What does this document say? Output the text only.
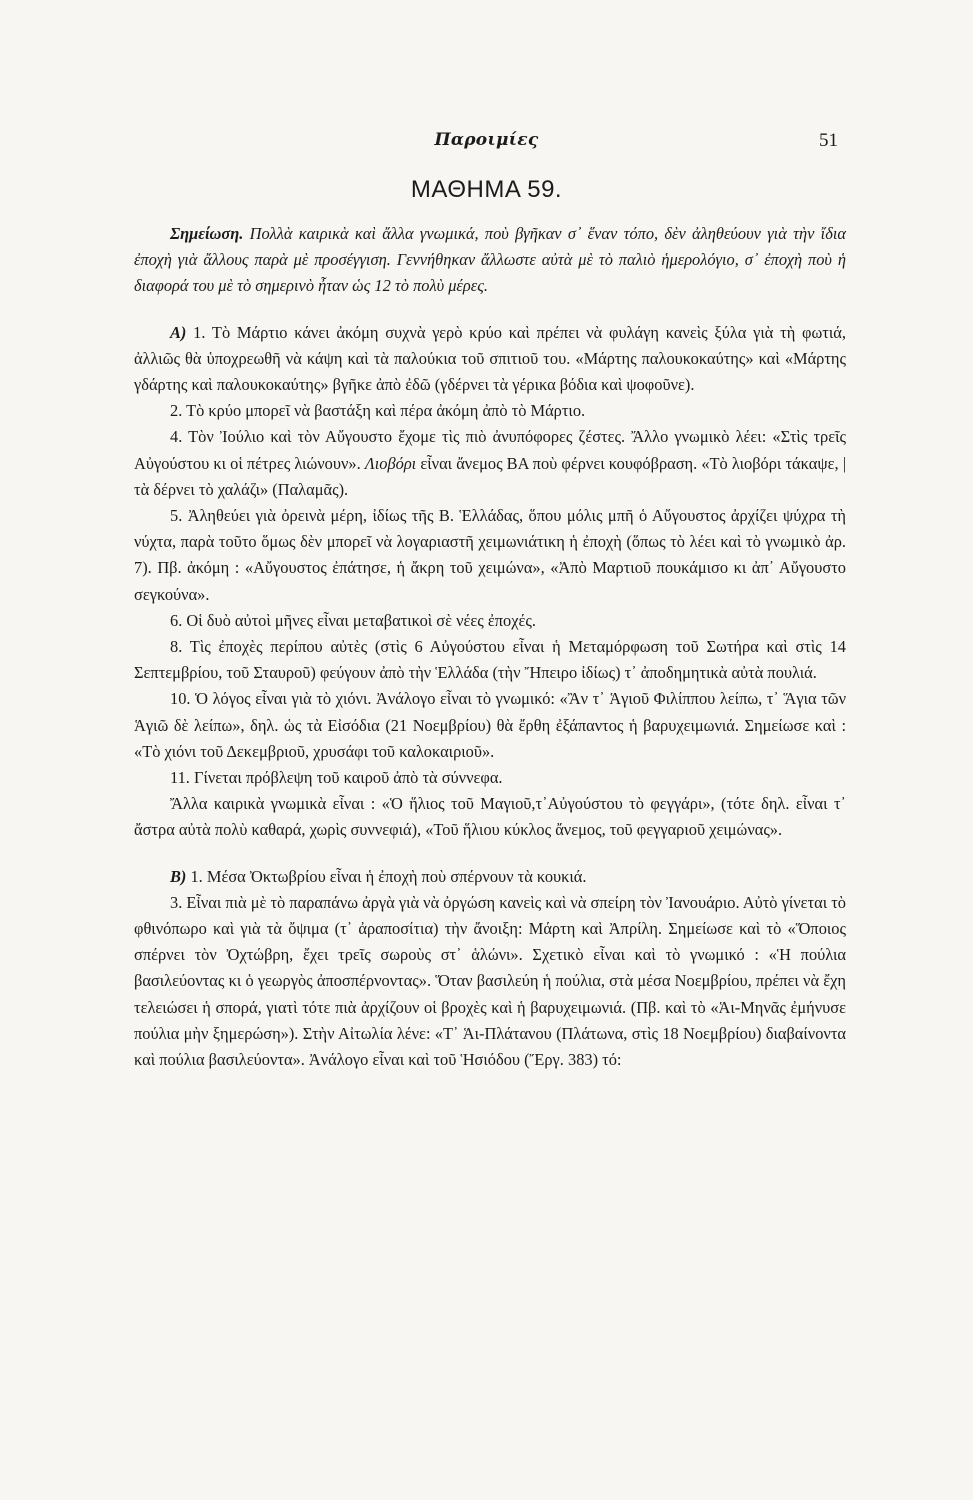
Παροιμίες	51
ΜΑΘΗΜΑ 59.

Σημείωση. Πολλὰ καιρικὰ καὶ ἄλλα γνωμικά, ποὺ βγῆκαν σ᾽ ἕναν τόπο, δὲν ἀληθεύουν γιὰ τὴν ἴδια ἐποχὴ γιὰ ἄλλους παρὰ μὲ προσέγγιση. Γεννήθηκαν ἄλλωστε αὐτὰ μὲ τὸ παλιὸ ἡμερολόγιο, σ᾽ ἐποχὴ ποὺ ἡ διαφορά του μὲ τὸ σημερινὸ ἦταν ὡς 12 τὸ πολὺ μέρες.

Α) 1. Τὸ Μάρτιο κάνει ἀκόμη συχνὰ γερὸ κρύο καὶ πρέπει νὰ φυλάγη κανεὶς ξύλα γιὰ τὴ φωτιά, ἀλλιῶς θὰ ὑποχρεωθῆ νὰ κάψη καὶ τὰ παλούκια τοῦ σπιτιοῦ του. «Μάρτης παλουκοκαύτης» καὶ «Μάρτης γδάρτης καὶ παλουκοκαύτης» βγῆκε ἀπὸ ἐδῶ (γδέρνει τὰ γέρικα βόδια καὶ ψοφοῦνε).

2. Τὸ κρύο μπορεῖ νὰ βαστάξη καὶ πέρα ἀκόμη ἀπὸ τὸ Μάρτιο.

4. Τὸν Ἰούλιο καὶ τὸν Αὔγουστο ἔχομε τὶς πιὸ ἀνυπόφορες ζέστες. Ἄλλο γνωμικὸ λέει: «Στὶς τρεῖς Αὐγούστου κι οἱ πέτρες λιώνουν». Λιοβόρι εἶναι ἄνεμος ΒΑ ποὺ φέρνει κουφόβραση. «Τὸ λιοβόρι τάκαψε, | τὰ δέρνει τὸ χαλάζι» (Παλαμᾶς).

5. Ἀληθεύει γιὰ ὀρεινὰ μέρη, ἰδίως τῆς Β. Ἑλλάδας, ὅπου μόλις μπῆ ὁ Αὔγουστος ἀρχίζει ψύχρα τὴ νύχτα, παρὰ τοῦτο ὅμως δὲν μπορεῖ νὰ λογαριαστῆ χειμωνιάτικη ἡ ἐποχὴ (ὅπως τὸ λέει καὶ τὸ γνωμικὸ ἀρ. 7). Πβ. ἀκόμη : «Αὔγουστος ἐπάτησε, ἡ ἄκρη τοῦ χειμώνα», «Ἀπὸ Μαρτιοῦ πουκάμισο κι ἀπ᾽ Αὔγουστο σεγκούνα».

6. Οἱ δυὸ αὐτοὶ μῆνες εἶναι μεταβατικοὶ σὲ νέες ἐποχές.

8. Τὶς ἐποχὲς περίπου αὐτὲς (στὶς 6 Αὐγούστου εἶναι ἡ Μεταμόρφωση τοῦ Σωτήρα καὶ στὶς 14 Σεπτεμβρίου, τοῦ Σταυροῦ) φεύγουν ἀπὸ τὴν Ἑλλάδα (τὴν Ἤπειρο ἰδίως) τ᾽ ἀποδημητικὰ αὐτὰ πουλιά.

10. Ὁ λόγος εἶναι γιὰ τὸ χιόνι. Ἀνάλογο εἶναι τὸ γνωμικό: «Ἂν τ᾽ Ἁγιοῦ Φιλίππου λείπω, τ᾽ Ἅγια τῶν Ἁγιῶ δὲ λείπω», δηλ. ὡς τὰ Εἰσόδια (21 Νοεμβρίου) θὰ ἔρθη ἐξάπαντος ἡ βαρυχειμωνιά. Σημείωσε καὶ : «Τὸ χιόνι τοῦ Δεκεμβριοῦ, χρυσάφι τοῦ καλοκαιριοῦ».

11. Γίνεται πρόβλεψη τοῦ καιροῦ ἀπὸ τὰ σύννεφα.

Ἄλλα καιρικὰ γνωμικὰ εἶναι : «Ὁ ἥλιος τοῦ Μαγιοῦ,τ᾽Αὐγούστου τὸ φεγγάρι», (τότε δηλ. εἶναι τ᾽ ἄστρα αὐτὰ πολὺ καθαρά, χωρὶς συννεφιά), «Τοῦ ἥλιου κύκλος ἄνεμος, τοῦ φεγγαριοῦ χειμώνας».

Β) 1. Μέσα Ὀκτωβρίου εἶναι ἡ ἐποχὴ ποὺ σπέρνουν τὰ κουκιά.

3. Εἶναι πιὰ μὲ τὸ παραπάνω ἀργὰ γιὰ νὰ ὀργώση κανεὶς καὶ νὰ σπείρη τὸν Ἰανουάριο. Αὐτὸ γίνεται τὸ φθινόπωρο καὶ γιὰ τὰ ὄψιμα (τ᾽ ἀραποσίτια) τὴν ἄνοιξη: Μάρτη καὶ Ἀπρίλη. Σημείωσε καὶ τὸ «Ὅποιος σπέρνει τὸν Ὀχτώβρη, ἔχει τρεῖς σωροὺς στ᾽ ἁλώνι». Σχετικὸ εἶναι καὶ τὸ γνωμικό : «Ἡ πούλια βασιλεύοντας κι ὁ γεωργὸς ἀποσπέρνοντας». Ὅταν βασιλεύη ἡ πούλια, στὰ μέσα Νοεμβρίου, πρέπει νὰ ἔχη τελειώσει ἡ σπορά, γιατὶ τότε πιὰ ἀρχίζουν οἱ βροχὲς καὶ ἡ βαρυχειμωνιά. (Πβ. καὶ τὸ «Ἁι-Μηνᾶς ἐμήνυσε πούλια μὴν ξημερώση»). Στὴν Αἰτωλία λένε: «Τ᾽ Ἁι-Πλάτανου (Πλάτωνα, στὶς 18 Νοεμβρίου) διαβαίνοντα καὶ πούλια βασιλεύοντα». Ἀνάλογο εἶναι καὶ τοῦ Ἡσιόδου (Ἔργ. 383) τό:
